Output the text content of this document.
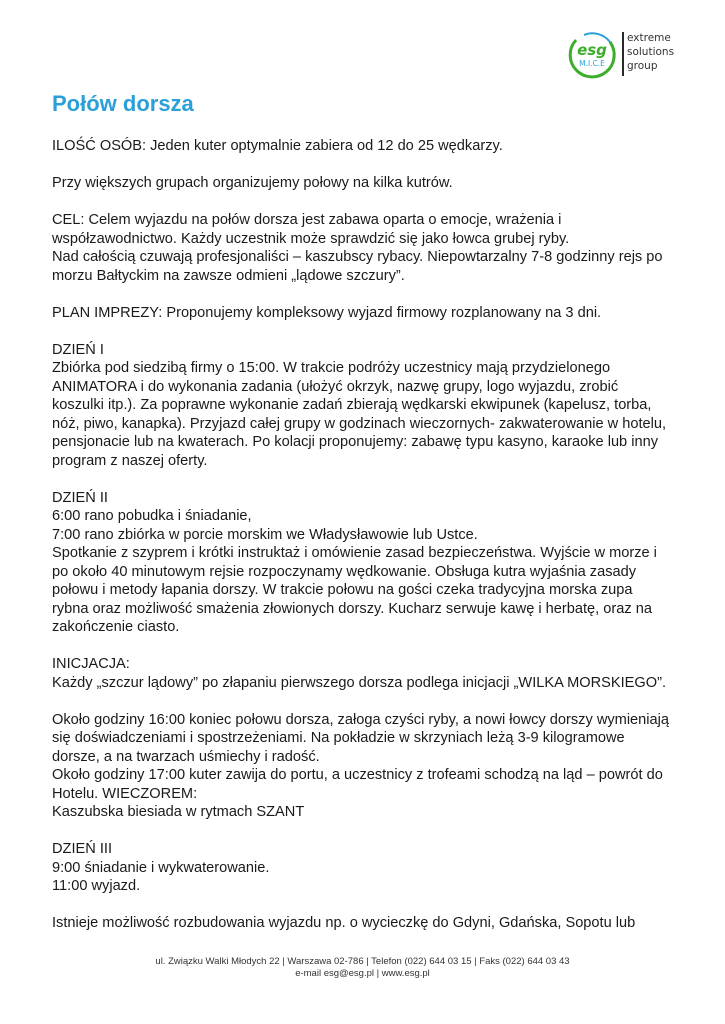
esg
M.I.C.E
extreme
solutions
group
Połów dorsza

ILOŚĆ OSÓB: Jeden kuter optymalnie zabiera od 12 do 25 wędkarzy.

Przy większych grupach organizujemy połowy na kilka kutrów.

CEL: Celem wyjazdu na połów dorsza jest zabawa oparta o emocje, wrażenia i
współzawodnictwo. Każdy uczestnik może sprawdzić się jako łowca grubej ryby.
Nad całością czuwają profesjonaliści – kaszubscy rybacy. Niepowtarzalny 7-8 godzinny rejs po
morzu Bałtyckim na zawsze odmieni „lądowe szczury”.

PLAN IMPREZY: Proponujemy kompleksowy wyjazd firmowy rozplanowany na 3 dni.

DZIEŃ I
Zbiórka pod siedzibą firmy o 15:00. W trakcie podróży uczestnicy mają przydzielonego
ANIMATORA i do wykonania zadania (ułożyć okrzyk, nazwę grupy, logo wyjazdu, zrobić
koszulki itp.). Za poprawne wykonanie zadań zbierają wędkarski ekwipunek (kapelusz, torba,
nóż, piwo, kanapka). Przyjazd całej grupy w godzinach wieczornych- zakwaterowanie w hotelu,
pensjonacie lub na kwaterach. Po kolacji proponujemy: zabawę typu kasyno, karaoke lub inny
program z naszej oferty.

DZIEŃ II
6:00 rano pobudka i śniadanie,
7:00 rano zbiórka w porcie morskim we Władysławowie lub Ustce.
Spotkanie z szyprem i krótki instruktaż i omówienie zasad bezpieczeństwa. Wyjście w morze i
po około 40 minutowym rejsie rozpoczynamy wędkowanie. Obsługa kutra wyjaśnia zasady
połowu i metody łapania dorszy. W trakcie połowu na gości czeka tradycyjna morska zupa
rybna oraz możliwość smażenia złowionych dorszy. Kucharz serwuje kawę i herbatę, oraz na
zakończenie ciasto.

INICJACJA:
Każdy „szczur lądowy” po złapaniu pierwszego dorsza podlega inicjacji „WILKA MORSKIEGO”.

Około godziny 16:00 koniec połowu dorsza, załoga czyści ryby, a nowi łowcy dorszy wymieniają
się doświadczeniami i spostrzeżeniami. Na pokładzie w skrzyniach leżą 3-9 kilogramowe
dorsze, a na twarzach uśmiechy i radość.
Około godziny 17:00 kuter zawija do portu, a uczestnicy z trofeami schodzą na ląd – powrót do
Hotelu. WIECZOREM:
Kaszubska biesiada w rytmach SZANT

DZIEŃ III
9:00 śniadanie i wykwaterowanie.
11:00 wyjazd.

Istnieje możliwość rozbudowania wyjazdu np. o wycieczkę do Gdyni, Gdańska, Sopotu lub

ul. Związku Walki Młodych 22 | Warszawa 02-786 | Telefon (022) 644 03 15 | Faks (022) 644 03 43
e-mail esg@esg.pl | www.esg.pl
